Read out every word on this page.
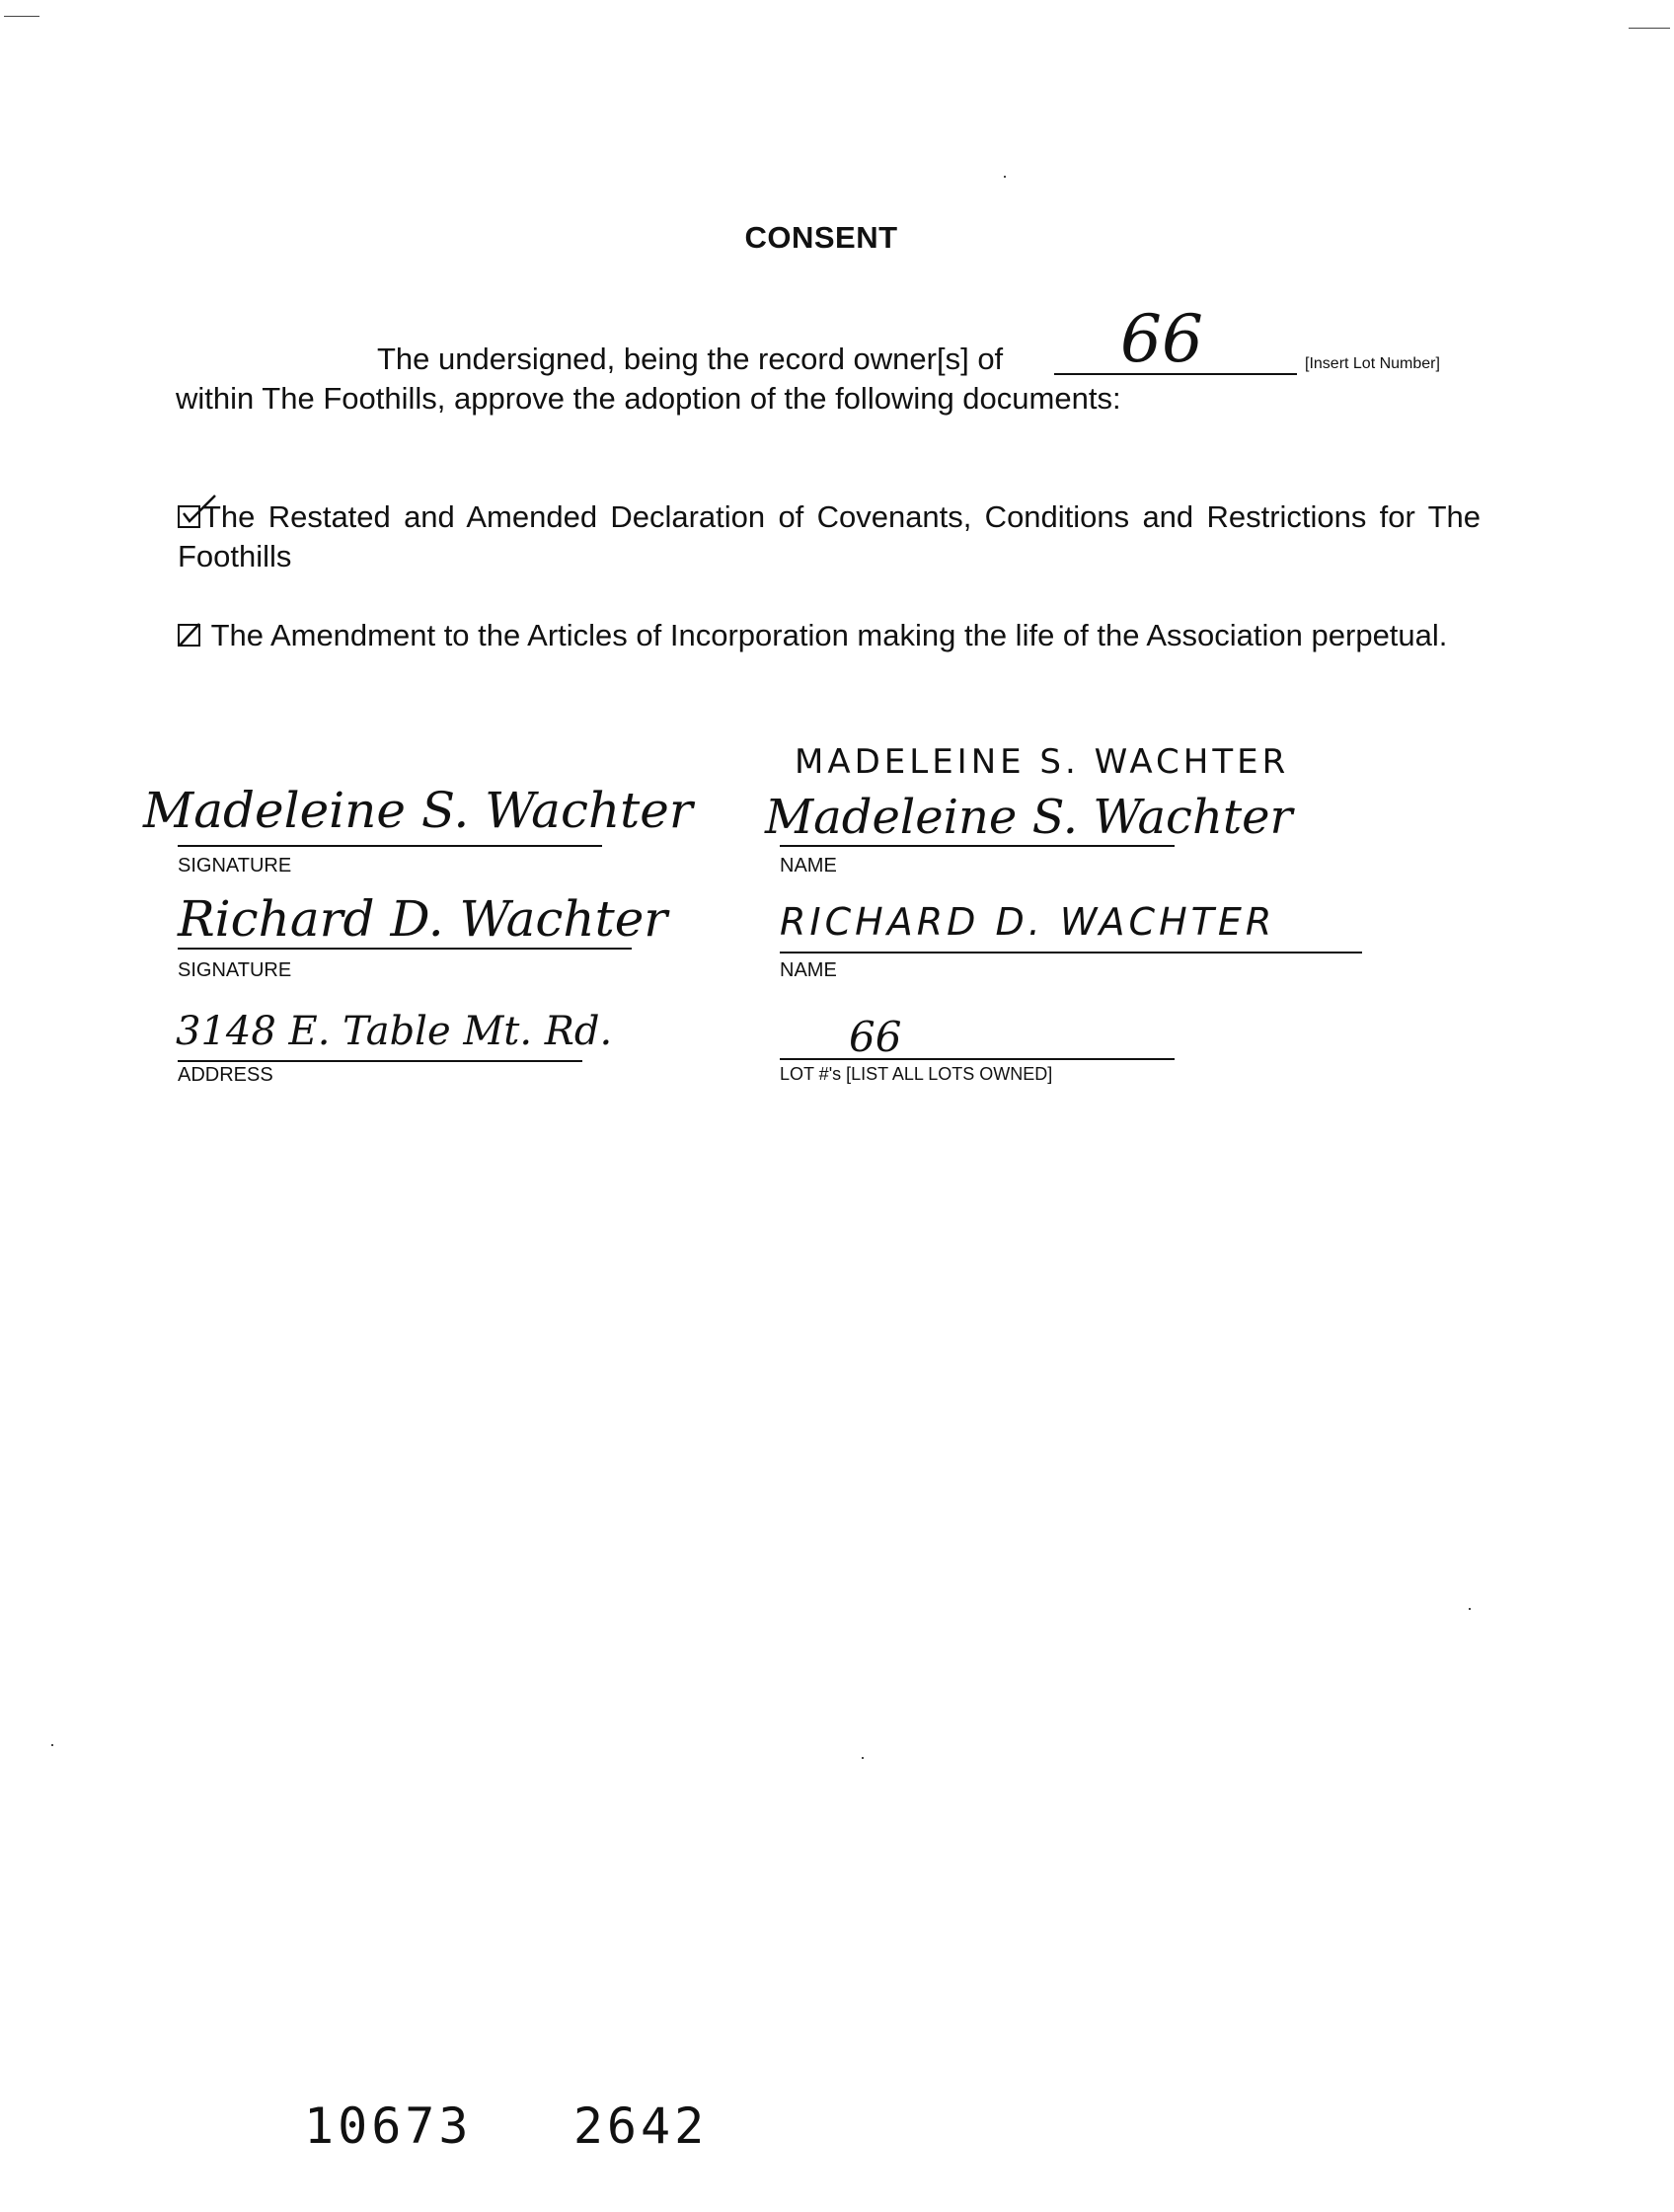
CONSENT
The undersigned, being the record owner[s] of 66	[Insert Lot Number]
within The Foothills, approve the adoption of the following documents:
The Restated and Amended Declaration of Covenants, Conditions and Restrictions for The Foothills
The Amendment to the Articles of Incorporation making the life of the Association perpetual.
Madeleine S. Wachter
SIGNATURE
Richard D. Wachter
SIGNATURE
3148 E. Table Mt. Rd.
ADDRESS
MADELEINE S. WACHTER
Madeleine S. Wachter
NAME
RICHARD D. WACHTER
NAME
66
LOT #'s [LIST ALL LOTS OWNED]
10673   2642
